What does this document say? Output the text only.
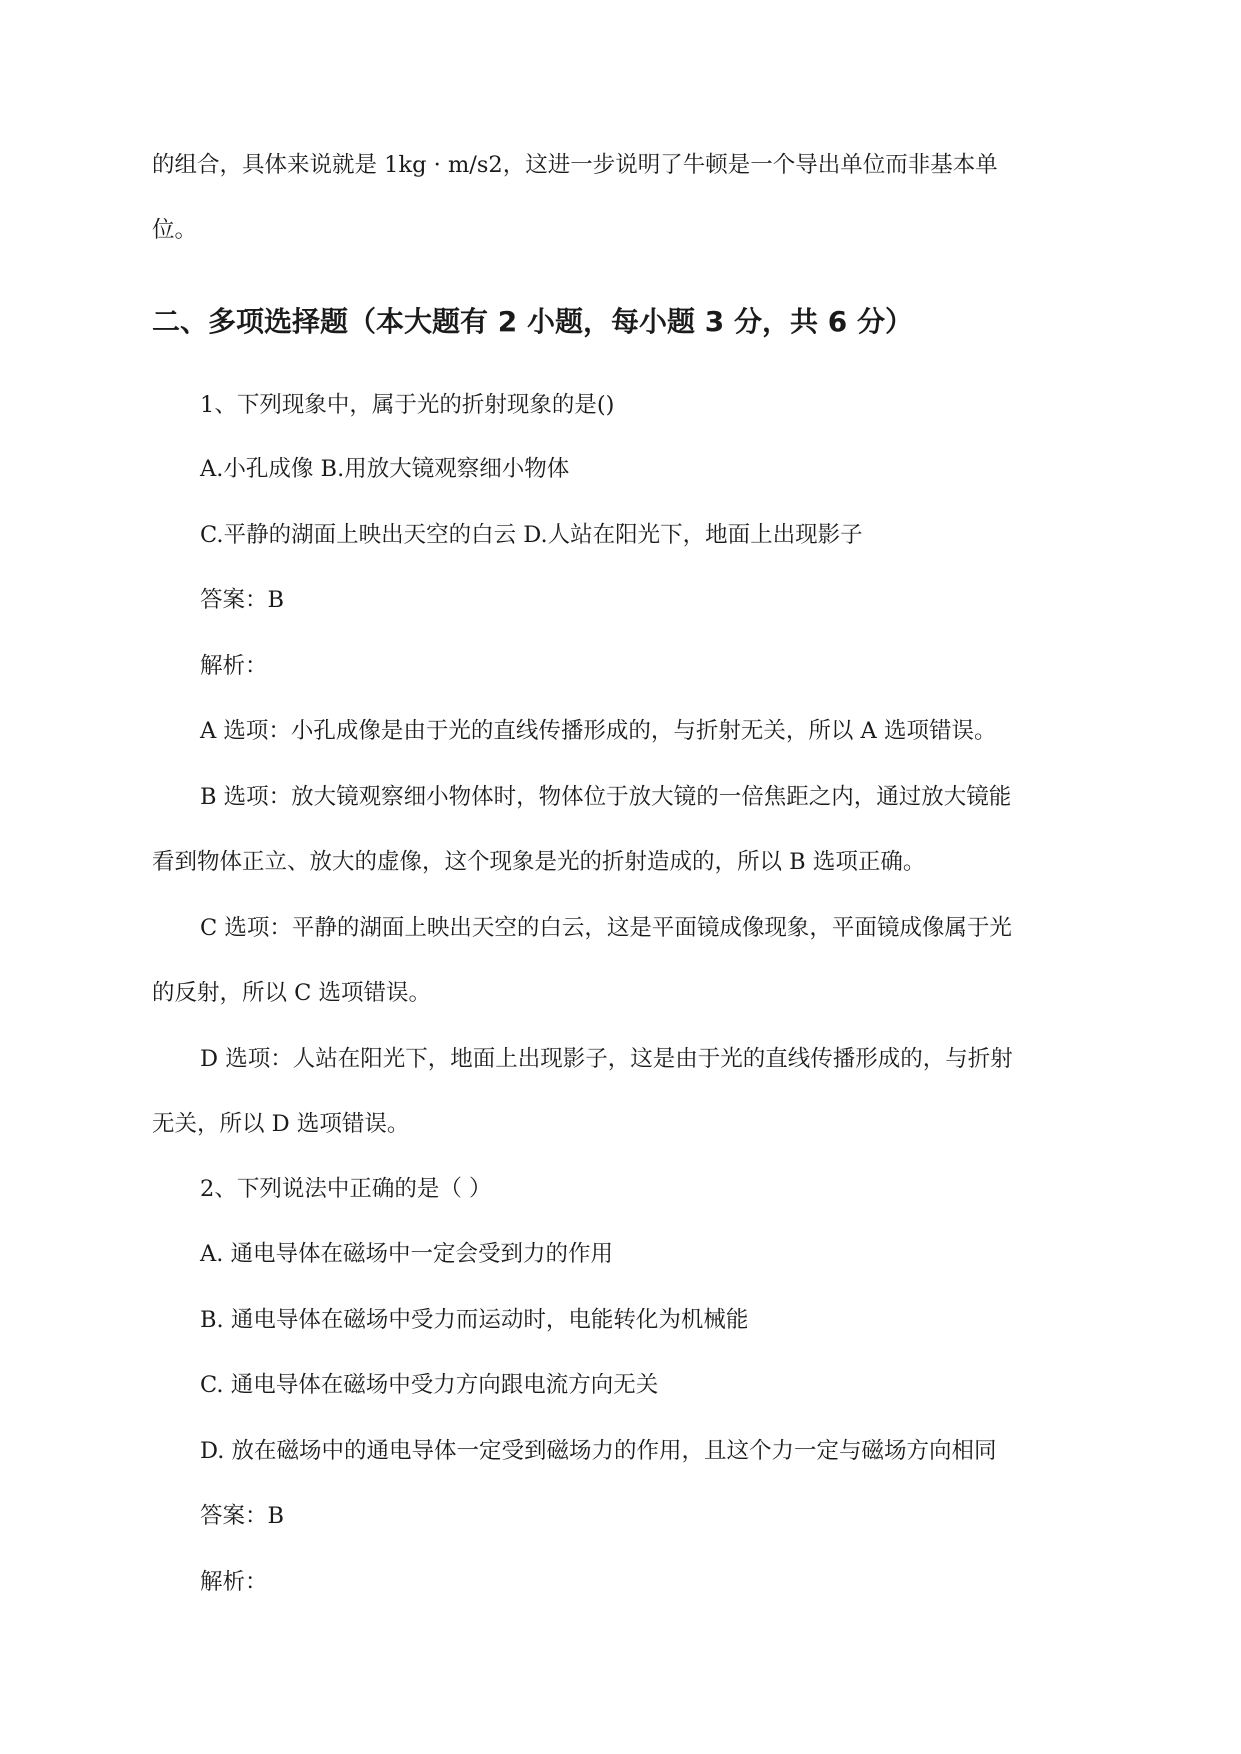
的组合，具体来说就是 1kg · m/s2，这进一步说明了牛顿是一个导出单位而非基本单
位。
二、多项选择题（本大题有 2 小题，每小题 3 分，共 6 分）
1、下列现象中，属于光的折射现象的是()
A.小孔成像 B.用放大镜观察细小物体
C.平静的湖面上映出天空的白云 D.人站在阳光下，地面上出现影子
答案：B
解析：
A 选项：小孔成像是由于光的直线传播形成的，与折射无关，所以 A 选项错误。
B 选项：放大镜观察细小物体时，物体位于放大镜的一倍焦距之内，通过放大镜能
看到物体正立、放大的虚像，这个现象是光的折射造成的，所以 B 选项正确。
C 选项：平静的湖面上映出天空的白云，这是平面镜成像现象，平面镜成像属于光
的反射，所以 C 选项错误。
D 选项：人站在阳光下，地面上出现影子，这是由于光的直线传播形成的，与折射
无关，所以 D 选项错误。
2、下列说法中正确的是（ ）
A. 通电导体在磁场中一定会受到力的作用
B. 通电导体在磁场中受力而运动时，电能转化为机械能
C. 通电导体在磁场中受力方向跟电流方向无关
D. 放在磁场中的通电导体一定受到磁场力的作用，且这个力一定与磁场方向相同
答案：B
解析：
